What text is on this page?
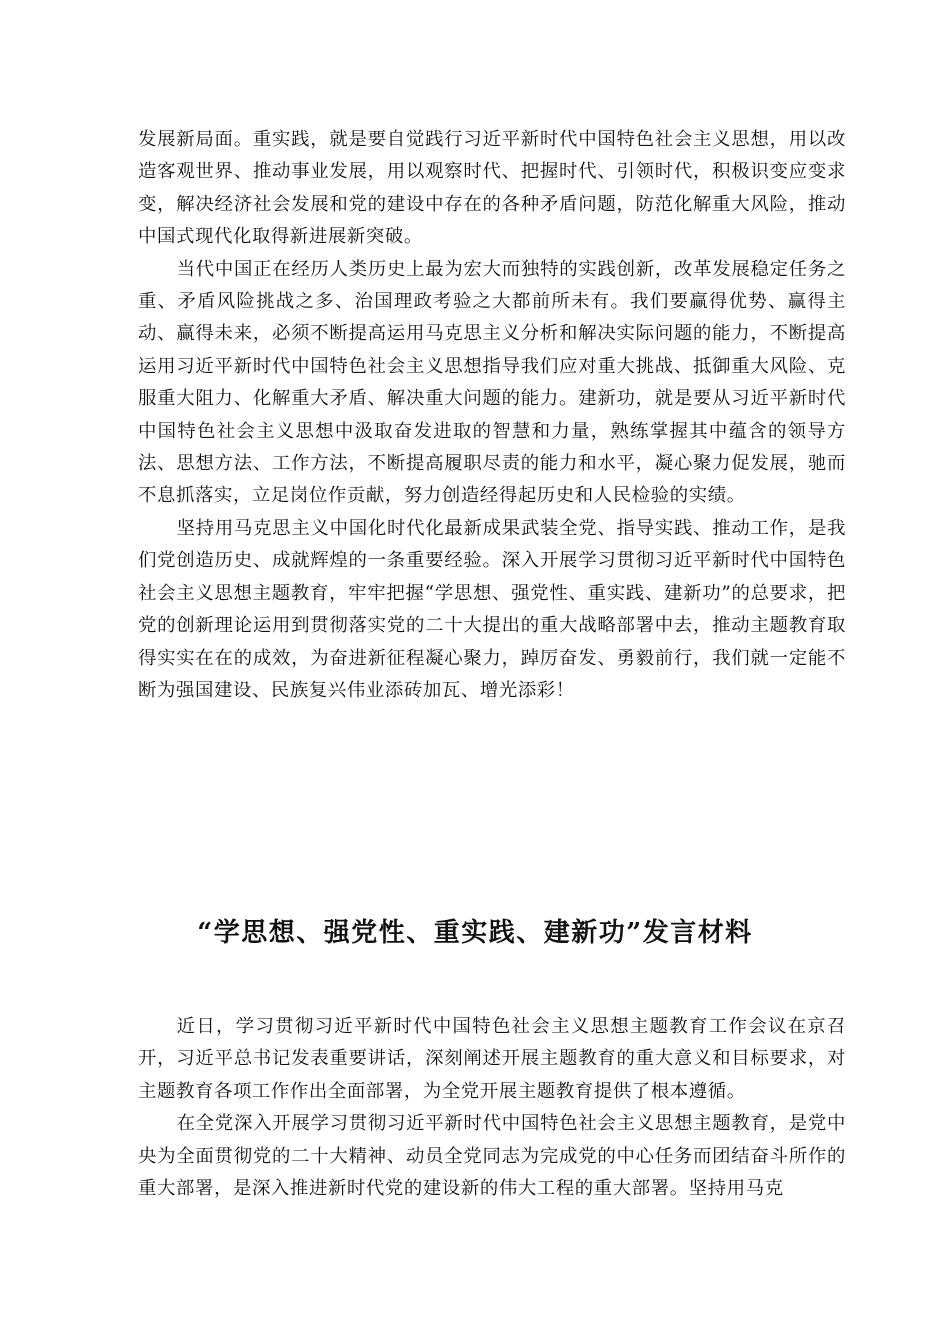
发展新局面。重实践，就是要自觉践行习近平新时代中国特色社会主义思想，用以改造客观世界、推动事业发展，用以观察时代、把握时代、引领时代，积极识变应变求变，解决经济社会发展和党的建设中存在的各种矛盾问题，防范化解重大风险，推动中国式现代化取得新进展新突破。

当代中国正在经历人类历史上最为宏大而独特的实践创新，改革发展稳定任务之重、矛盾风险挑战之多、治国理政考验之大都前所未有。我们要赢得优势、赢得主动、赢得未来，必须不断提高运用马克思主义分析和解决实际问题的能力，不断提高运用习近平新时代中国特色社会主义思想指导我们应对重大挑战、抵御重大风险、克服重大阻力、化解重大矛盾、解决重大问题的能力。建新功，就是要从习近平新时代中国特色社会主义思想中汲取奋发进取的智慧和力量，熟练掌握其中蕴含的领导方法、思想方法、工作方法，不断提高履职尽责的能力和水平，凝心聚力促发展，驰而不息抓落实，立足岗位作贡献，努力创造经得起历史和人民检验的实绩。

坚持用马克思主义中国化时代化最新成果武装全党、指导实践、推动工作，是我们党创造历史、成就辉煌的一条重要经验。深入开展学习贯彻习近平新时代中国特色社会主义思想主题教育，牢牢把握“学思想、强党性、重实践、建新功”的总要求，把党的创新理论运用到贯彻落实党的二十大提出的重大战略部署中去，推动主题教育取得实实在在的成效，为奋进新征程凝心聚力，踔厉奋发、勇毅前行，我们就一定能不断为强国建设、民族复兴伟业添砖加瓦、增光添彩！

“学思想、强党性、重实践、建新功”发言材料

近日，学习贯彻习近平新时代中国特色社会主义思想主题教育工作会议在京召开，习近平总书记发表重要讲话，深刻阐述开展主题教育的重大意义和目标要求，对主题教育各项工作作出全面部署，为全党开展主题教育提供了根本遵循。

在全党深入开展学习贯彻习近平新时代中国特色社会主义思想主题教育，是党中央为全面贯彻党的二十大精神、动员全党同志为完成党的中心任务而团结奋斗所作的重大部署，是深入推进新时代党的建设新的伟大工程的重大部署。坚持用马克
